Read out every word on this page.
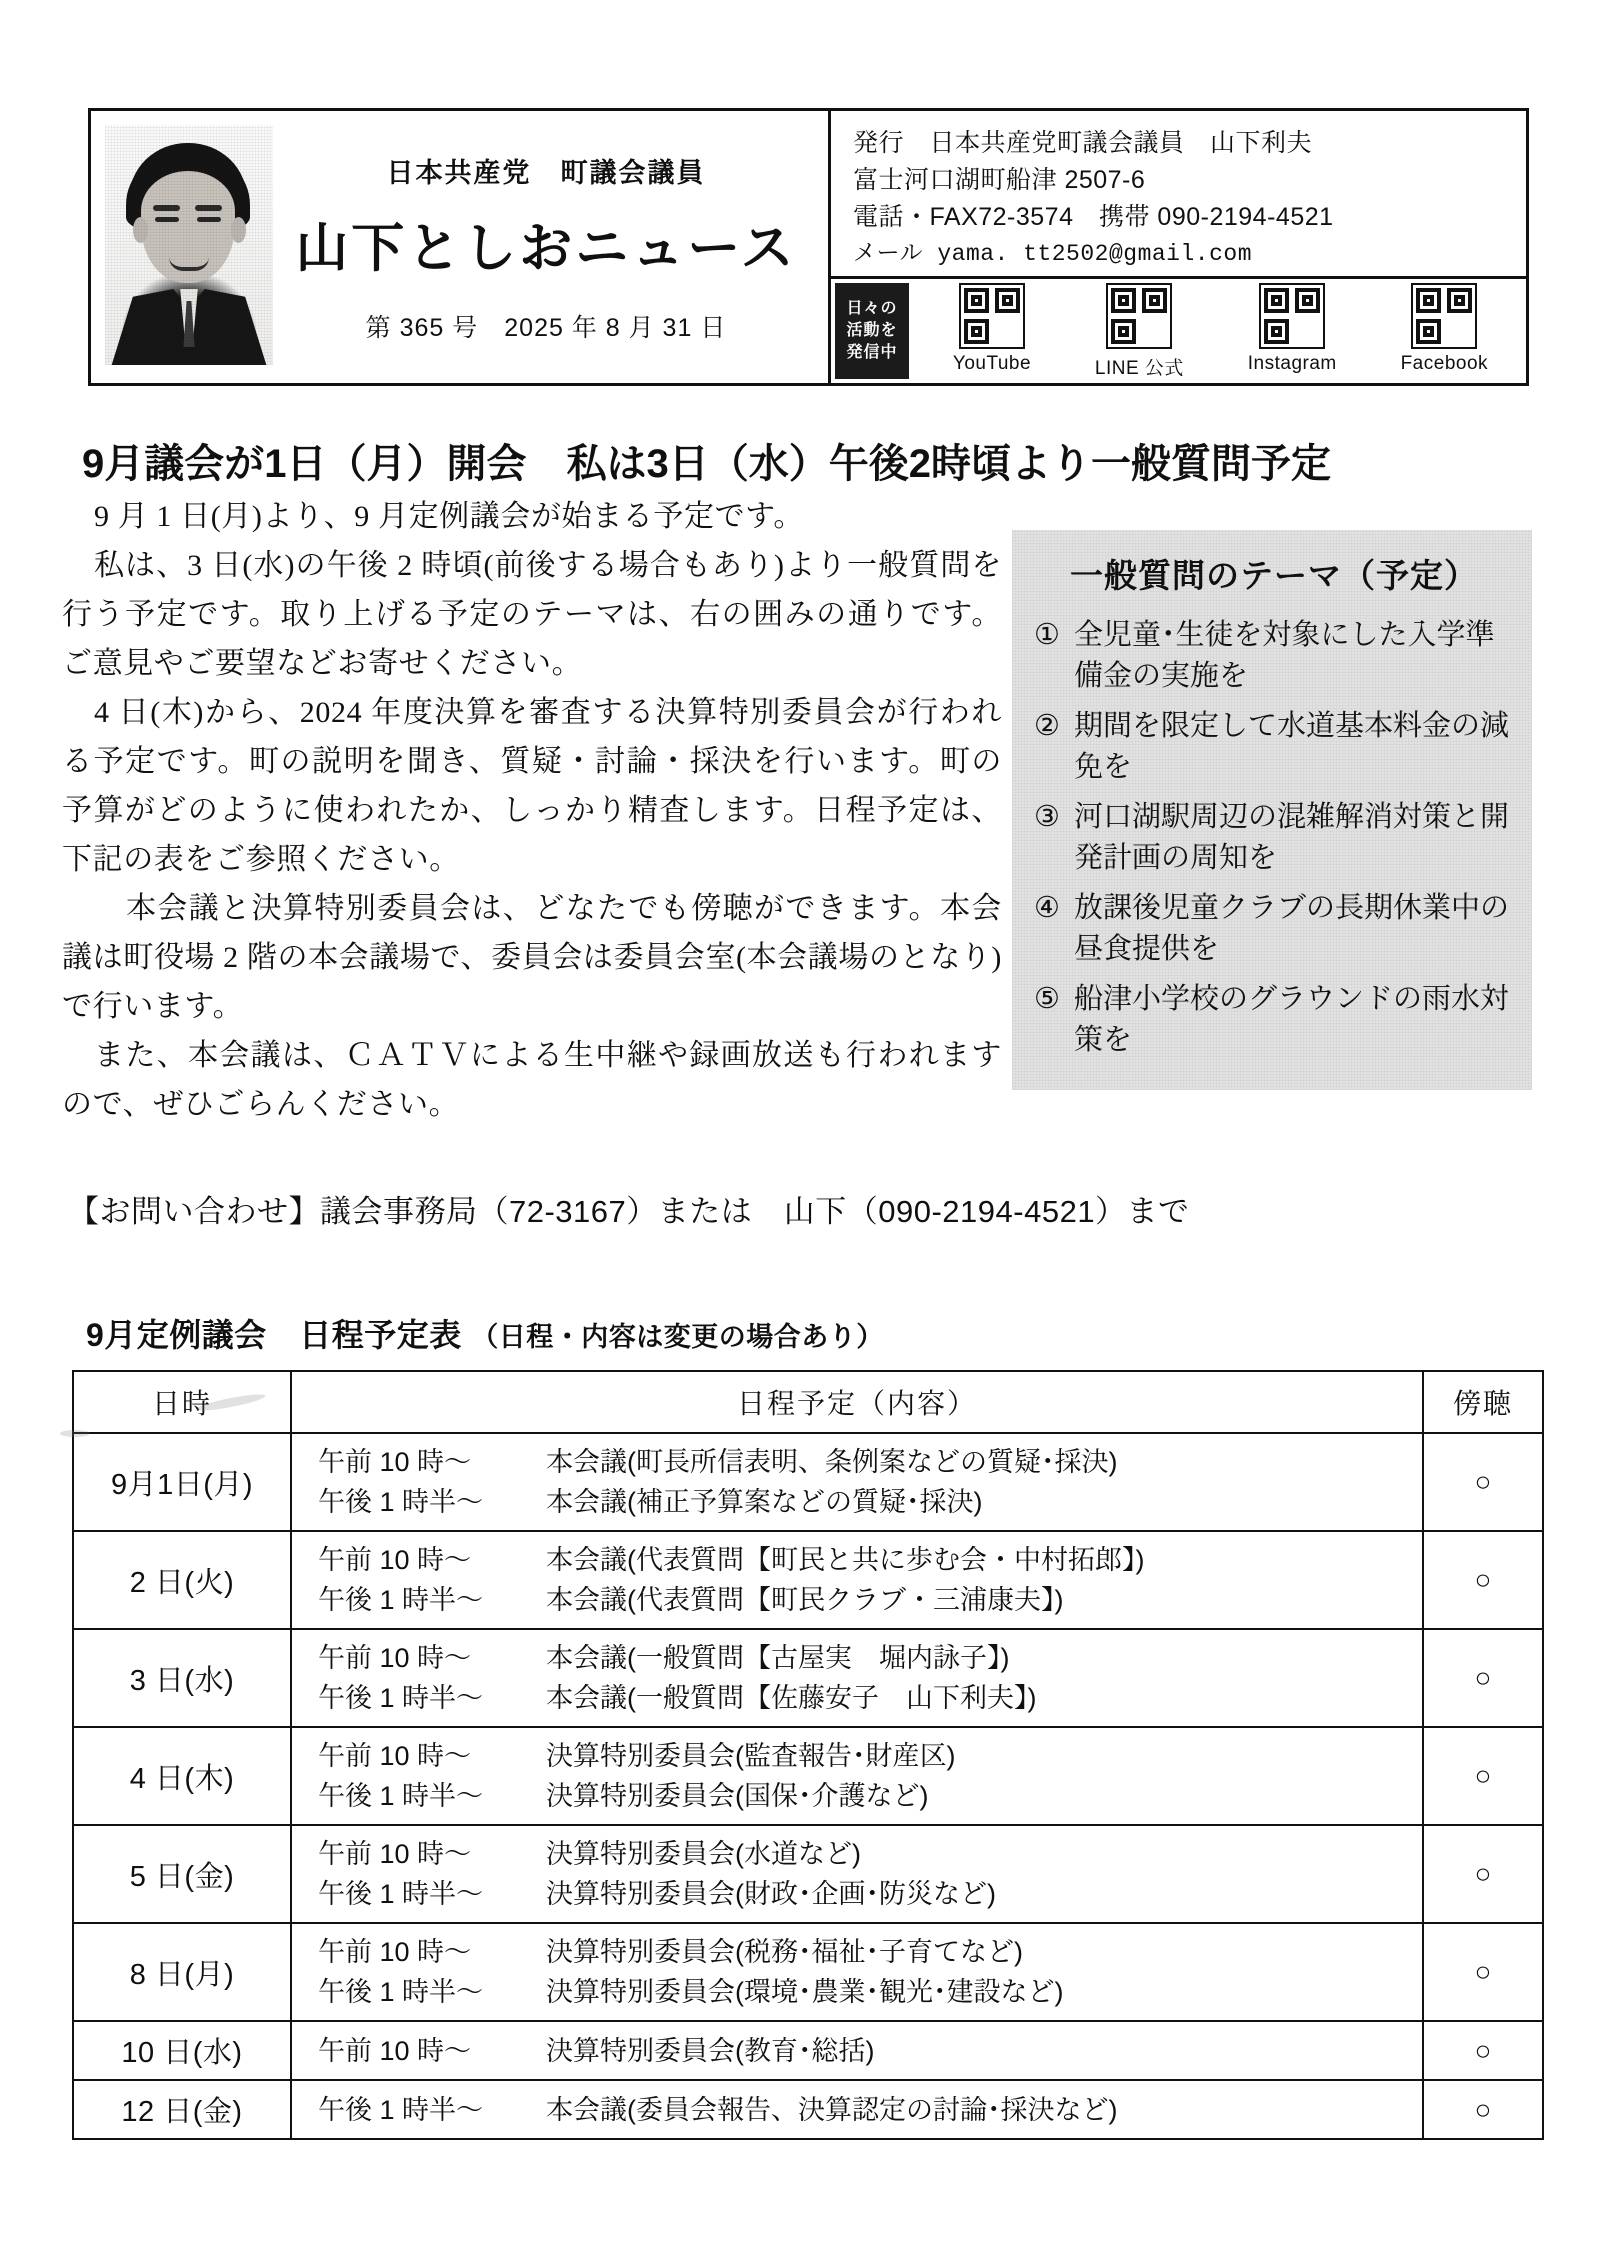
日本共産党　町議会議員
山下としおニュース
第 365 号　2025 年 8 月 31 日
発行　日本共産党町議会議員　山下利夫
富士河口湖町船津 2507-6
電話・FAX72-3574　携帯 090-2194-4521
メール yama. tt2502@gmail.com
日々の
活動を
発信中
YouTube	LINE 公式	Instagram	Facebook
9月議会が1日（月）開会　私は3日（水）午後2時頃より一般質問予定

9 月 1 日(月)より、9 月定例議会が始まる予定です。

私は、3 日(水)の午後 2 時頃(前後する場合もあり)より一般質問を行う予定です。取り上げる予定のテーマは、右の囲みの通りです。ご意見やご要望などお寄せください。

4 日(木)から、2024 年度決算を審査する決算特別委員会が行われる予定です。町の説明を聞き、質疑・討論・採決を行います。町の予算がどのように使われたか、しっかり精査します。日程予定は、下記の表をご参照ください。

本会議と決算特別委員会は、どなたでも傍聴ができます。本会議は町役場 2 階の本会議場で、委員会は委員会室(本会議場のとなり)で行います。

また、本会議は、ＣＡＴＶによる生中継や録画放送も行われますので、ぜひごらんください。

一般質問のテーマ（予定）
① 全児童･生徒を対象にした入学準備金の実施を
② 期間を限定して水道基本料金の減免を
③ 河口湖駅周辺の混雑解消対策と開発計画の周知を
④ 放課後児童クラブの長期休業中の昼食提供を
⑤ 船津小学校のグラウンドの雨水対策を
【お問い合わせ】議会事務局（72-3167）または　山下（090-2194-4521）まで
9月定例議会　日程予定表 （日程・内容は変更の場合あり）
日時	日程予定（内容）	傍聴
9月1日(月)	午前 10 時～ 本会議(町長所信表明、条例案などの質疑･採決)
午後 1 時半～ 本会議(補正予算案などの質疑･採決)	○
2 日(火)	午前 10 時～ 本会議(代表質問【町民と共に歩む会・中村拓郎】)
午後 1 時半～ 本会議(代表質問【町民クラブ・三浦康夫】)	○
3 日(水)	午前 10 時～ 本会議(一般質問【古屋実　堀内詠子】)
午後 1 時半～ 本会議(一般質問【佐藤安子　山下利夫】)	○
4 日(木)	午前 10 時～ 決算特別委員会(監査報告･財産区)
午後 1 時半～ 決算特別委員会(国保･介護など)	○
5 日(金)	午前 10 時～ 決算特別委員会(水道など)
午後 1 時半～ 決算特別委員会(財政･企画･防災など)	○
8 日(月)	午前 10 時～ 決算特別委員会(税務･福祉･子育てなど)
午後 1 時半～ 決算特別委員会(環境･農業･観光･建設など)	○
10 日(水)	午前 10 時～ 決算特別委員会(教育･総括)	○
12 日(金)	午後 1 時半～ 本会議(委員会報告、決算認定の討論･採決など)	○
